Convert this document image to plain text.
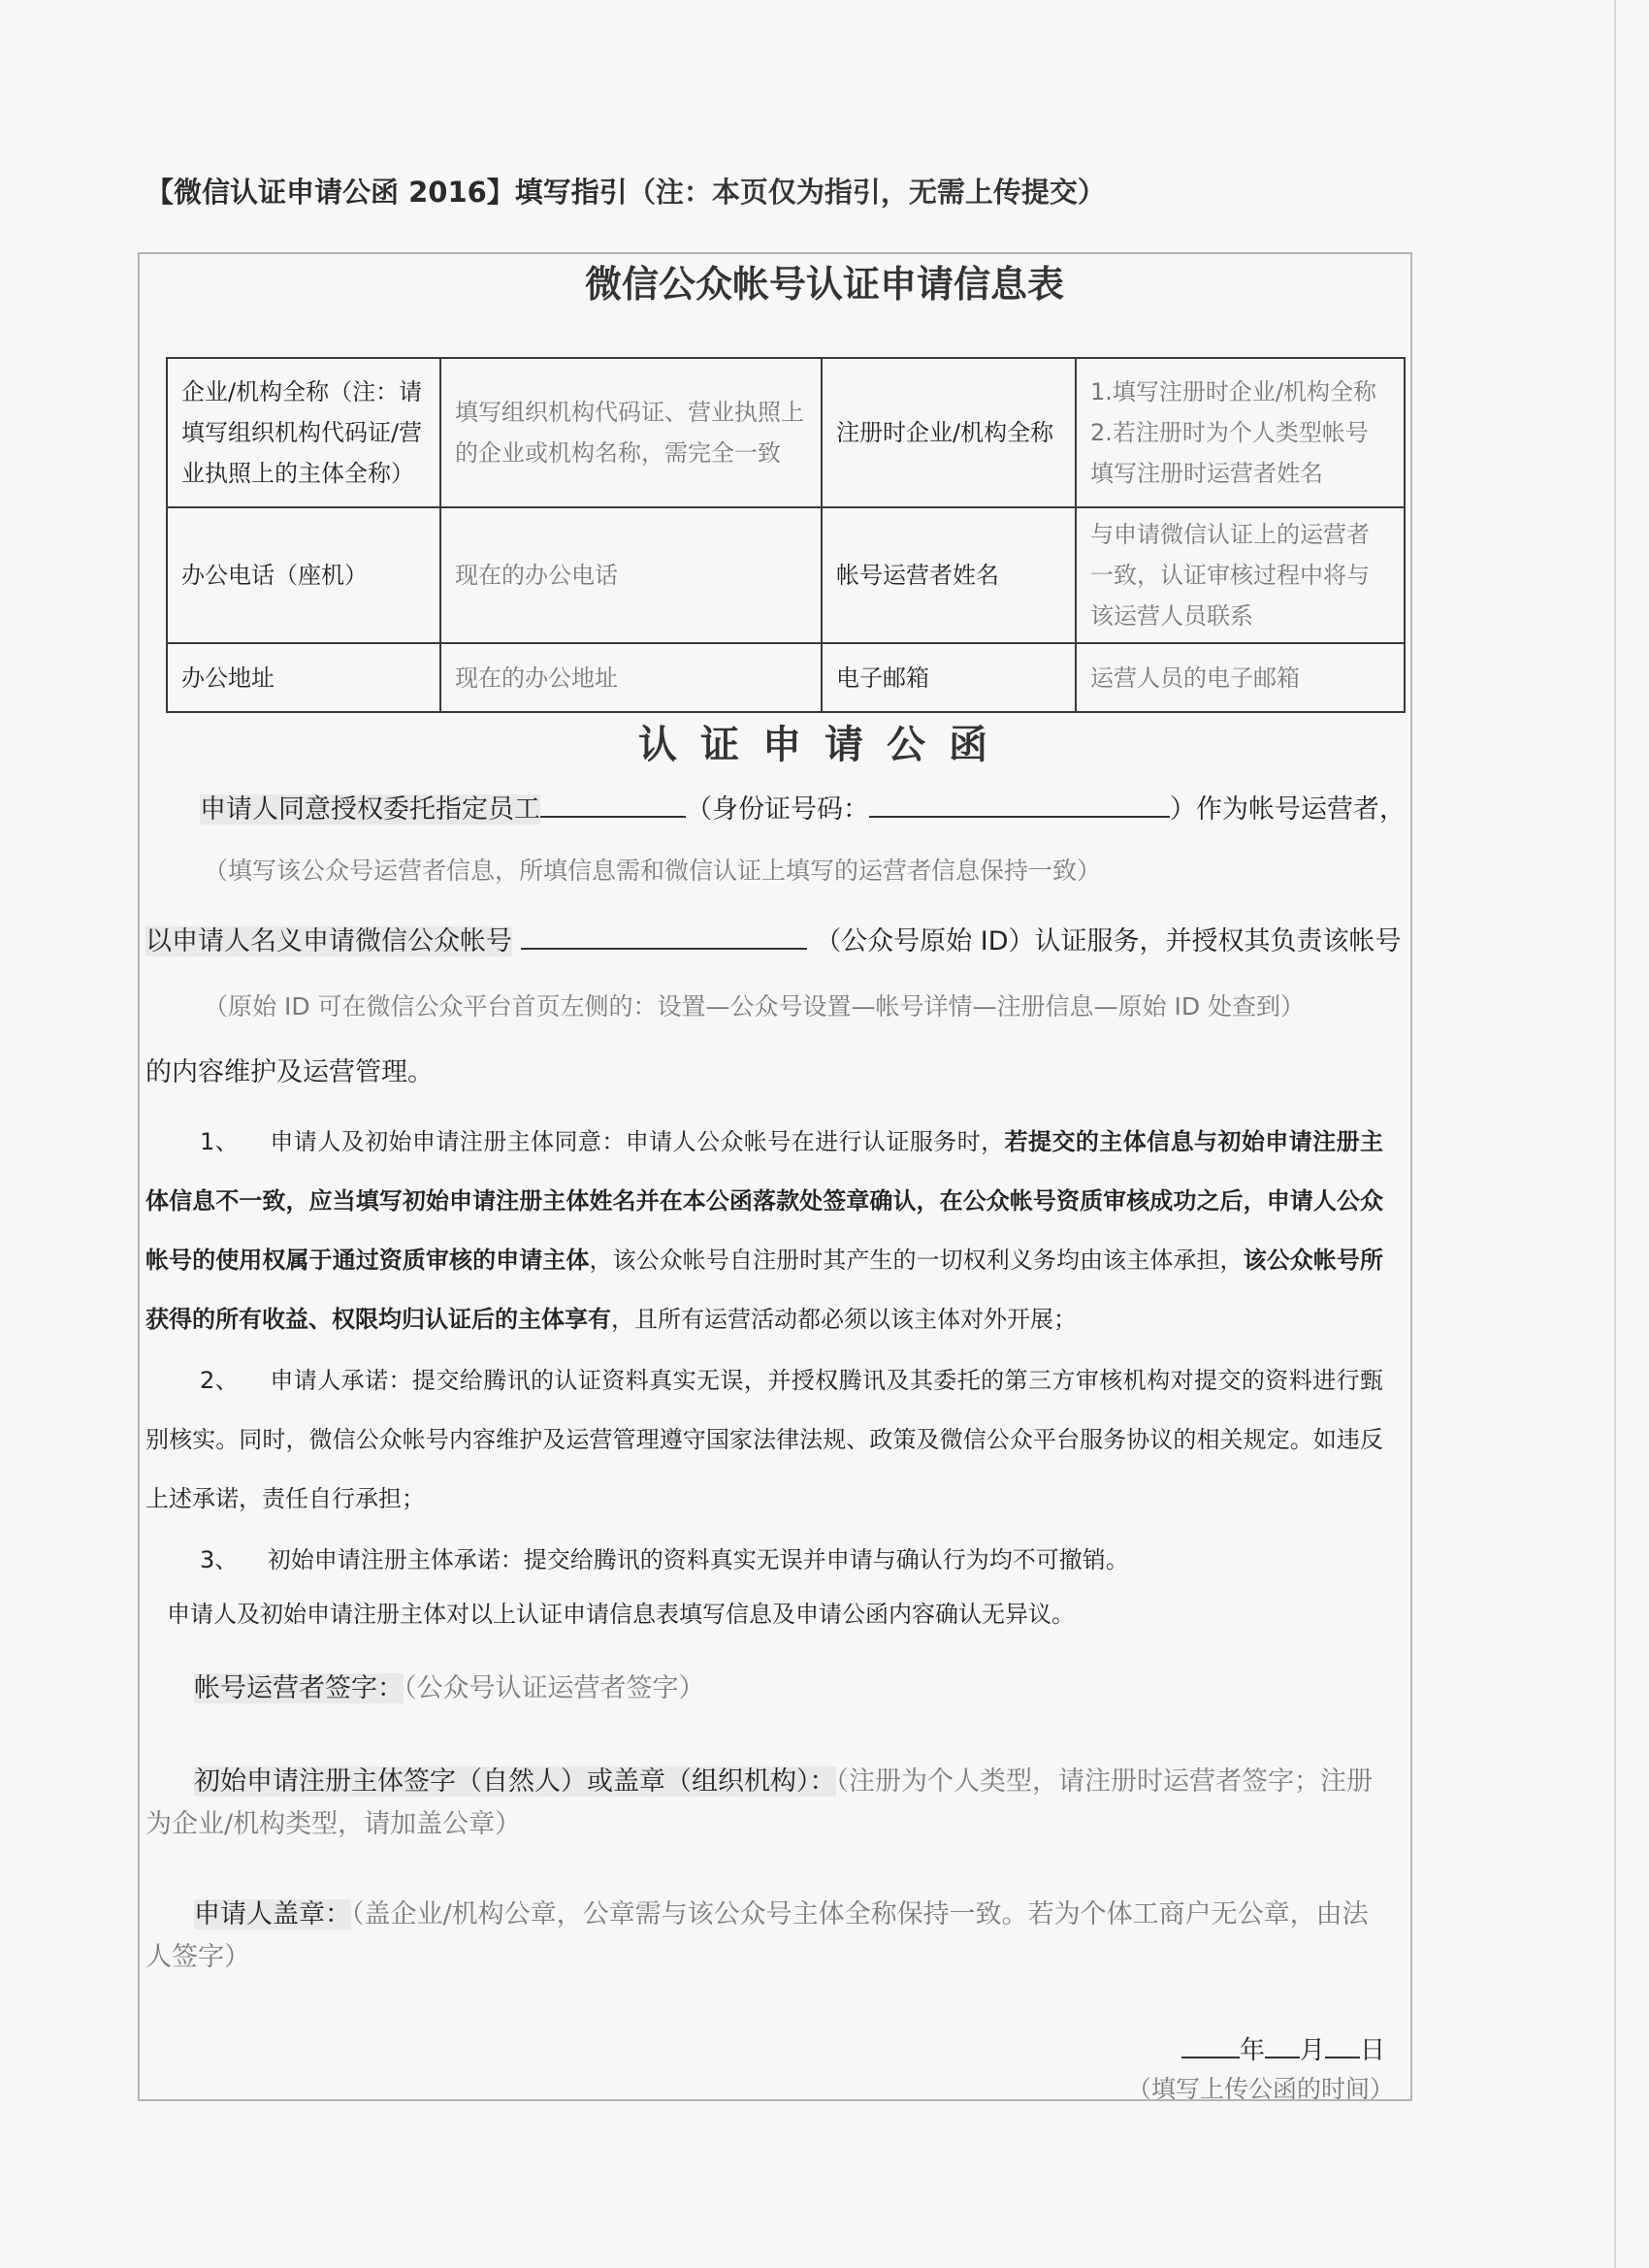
【微信认证申请公函 2016】填写指引（注：本页仅为指引，无需上传提交）
微信公众帐号认证申请信息表
企业/机构全称（注：请填写组织机构代码证/营业执照上的主体全称）	填写组织机构代码证、营业执照上的企业或机构名称，需完全一致	注册时企业/机构全称	1.填写注册时企业/机构全称 2.若注册时为个人类型帐号填写注册时运营者姓名
办公电话（座机）	现在的办公电话	帐号运营者姓名	与申请微信认证上的运营者一致，认证审核过程中将与该运营人员联系
办公地址	现在的办公地址	电子邮箱	运营人员的电子邮箱
认证申请公函
申请人同意授权委托指定员工	（身份证号码：	）作为帐号运营者，
（填写该公众号运营者信息，所填信息需和微信认证上填写的运营者信息保持一致）
以申请人名义申请微信公众帐号	（公众号原始 ID）认证服务，并授权其负责该帐号
（原始 ID 可在微信公众平台首页左侧的：设置—公众号设置—帐号详情—注册信息—原始 ID 处查到）
的内容维护及运营管理。
1、 申请人及初始申请注册主体同意：申请人公众帐号在进行认证服务时，若提交的主体信息与初始申请注册主体信息不一致，应当填写初始申请注册主体姓名并在本公函落款处签章确认，在公众帐号资质审核成功之后，申请人公众帐号的使用权属于通过资质审核的申请主体，该公众帐号自注册时其产生的一切权利义务均由该主体承担，该公众帐号所获得的所有收益、权限均归认证后的主体享有，且所有运营活动都必须以该主体对外开展；
2、 申请人承诺：提交给腾讯的认证资料真实无误，并授权腾讯及其委托的第三方审核机构对提交的资料进行甄别核实。同时，微信公众帐号内容维护及运营管理遵守国家法律法规、政策及微信公众平台服务协议的相关规定。如违反上述承诺，责任自行承担；
3、 初始申请注册主体承诺：提交给腾讯的资料真实无误并申请与确认行为均不可撤销。
申请人及初始申请注册主体对以上认证申请信息表填写信息及申请公函内容确认无异议。
帐号运营者签字：（公众号认证运营者签字）
初始申请注册主体签字（自然人）或盖章（组织机构）：（注册为个人类型，请注册时运营者签字；注册为企业/机构类型，请加盖公章）
申请人盖章：（盖企业/机构公章，公章需与该公众号主体全称保持一致。若为个体工商户无公章，由法人签字）
年 月 日
（填写上传公函的时间）
